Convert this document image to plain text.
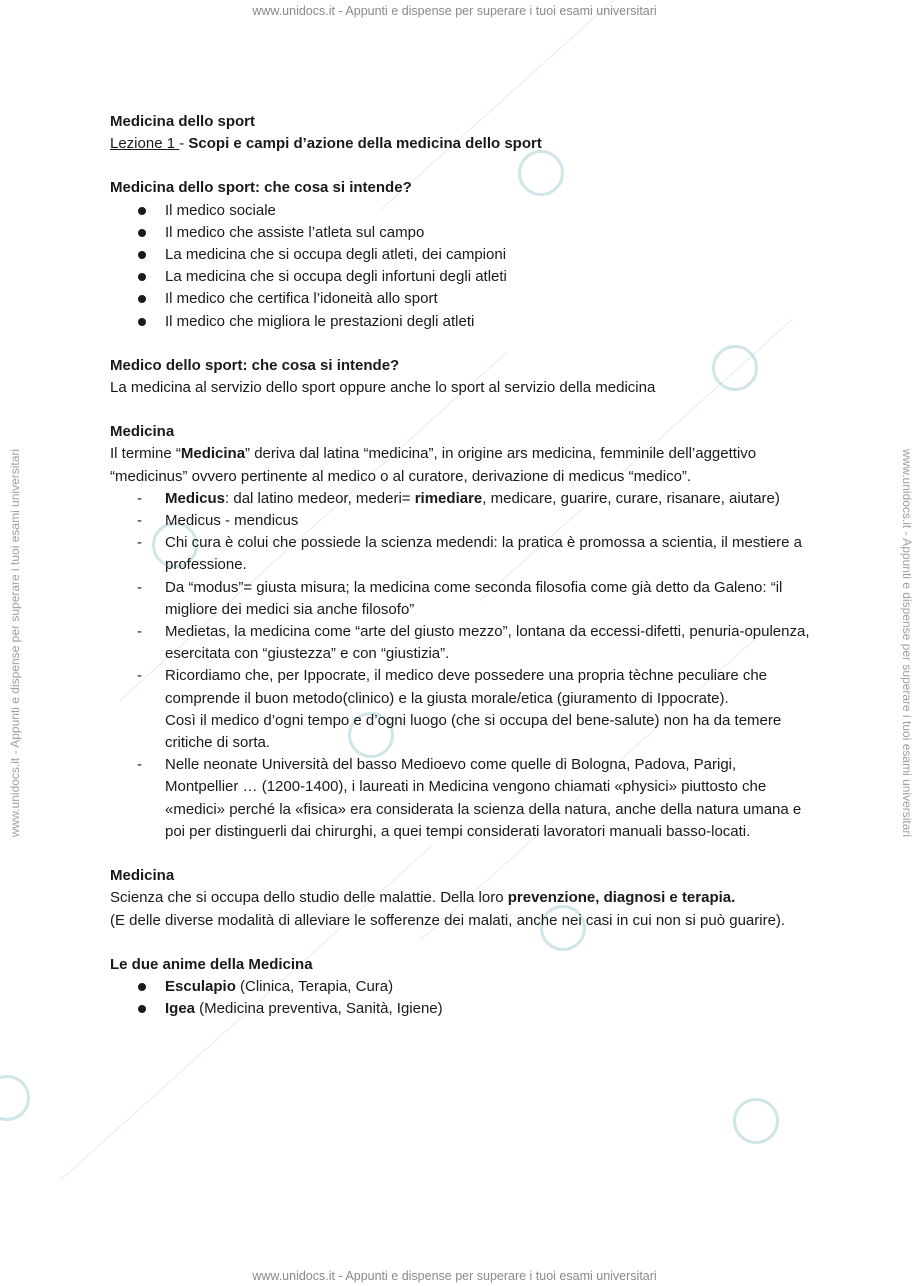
www.unidocs.it - Appunti e dispense per superare i tuoi esami universitari
www.unidocs.it - Appunti e dispense per superare i tuoi esami universitari
www.unidocs.it - Appunti e dispense per superare i tuoi esami universitari	www.unidocs.it - Appunti e dispense per superare i tuoi esami universitari
Medicina dello sport
Lezione 1 - Scopi e campi d’azione della medicina dello sport
Medicina dello sport: che cosa si intende?
Il medico sociale
Il medico che assiste l’atleta sul campo
La medicina che si occupa degli atleti, dei campioni
La medicina che si occupa degli infortuni degli atleti
Il medico che certifica l’idoneità allo sport
Il medico che migliora le prestazioni degli atleti
Medico dello sport: che cosa si intende?
La medicina al servizio dello sport oppure anche lo sport al servizio della medicina
Medicina
Il termine “Medicina” deriva dal latina “medicina”, in origine ars medicina, femminile dell’aggettivo “medicinus” ovvero pertinente al medico o al curatore, derivazione di medicus “medico”.
- Medicus: dal latino medeor, mederi= rimediare, medicare, guarire, curare, risanare, aiutare)
- Medicus - mendicus
- Chi cura è colui che possiede la scienza medendi: la pratica è promossa a scientia, il mestiere a professione.
- Da “modus”= giusta misura; la medicina come seconda filosofia come già detto da Galeno: “il migliore dei medici sia anche filosofo”
- Medietas, la medicina come “arte del giusto mezzo”, lontana da eccessi-difetti, penuria-opulenza, esercitata con “giustezza” e con “giustizia”.
- Ricordiamo che, per Ippocrate, il medico deve possedere una propria tèchne peculiare che comprende il buon metodo(clinico) e la giusta morale/etica (giuramento di Ippocrate).
Così il medico d’ogni tempo e d’ogni luogo (che si occupa del bene-salute) non ha da temere critiche di sorta.
- Nelle neonate Università del basso Medioevo come quelle di Bologna, Padova, Parigi, Montpellier … (1200-1400), i laureati in Medicina vengono chiamati «physici» piuttosto che «medici» perché la «fisica» era considerata la scienza della natura, anche della natura umana e poi per distinguerli dai chirurghi, a quei tempi considerati lavoratori manuali basso-locati.
Medicina
Scienza che si occupa dello studio delle malattie. Della loro prevenzione, diagnosi e terapia.
(E delle diverse modalità di alleviare le sofferenze dei malati, anche nei casi in cui non si può guarire).
Le due anime della Medicina
Esculapio (Clinica, Terapia, Cura)
Igea (Medicina preventiva, Sanità, Igiene)
